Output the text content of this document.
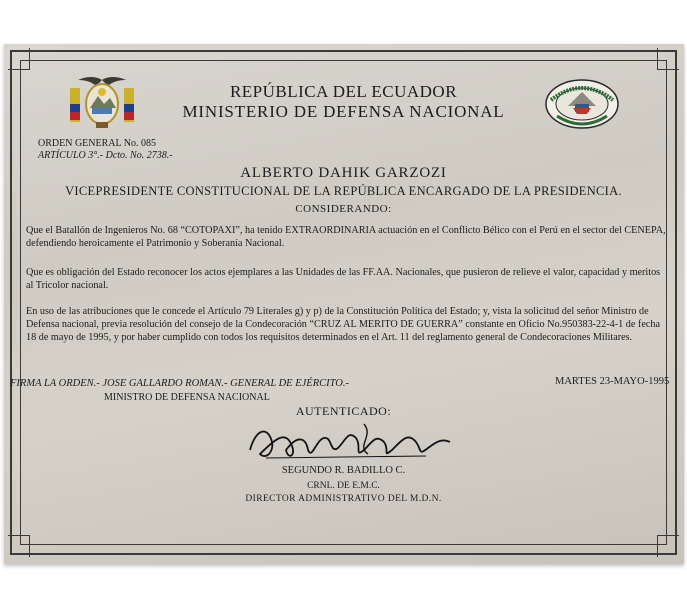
REPÚBLICA DEL ECUADOR
MINISTERIO DE DEFENSA NACIONAL
ORDEN GENERAL No. 085
ARTÍCULO 3°.- Dcto. No. 2738.-
ALBERTO DAHIK GARZOZI
VICEPRESIDENTE CONSTITUCIONAL DE LA REPÚBLICA ENCARGADO DE LA PRESIDENCIA.
CONSIDERANDO:
Que el Batallón de Ingenieros No. 68 “COTOPAXI”, ha tenido EXTRAORDINARIA actuación en el Conflicto Bélico con el Perú en el sector del CENEPA, defendiendo heroicamente el Patrimonio y Soberanía Nacional.
Que es obligación del Estado reconocer los actos ejemplares a las Unidades de las FF.AA. Nacionales, que pusieron de relieve el valor, capacidad y meritos al Tricolor nacional.
En uso de las atribuciones que le concede el Artículo 79 Literales g) y p) de la Constitución Política del Estado; y, vista la solicitud del señor Ministro de Defensa nacional, previa resolución del consejo de la Condecoración “CRUZ AL MERITO DE GUERRA” constante en Oficio No.950383-22-4-1 de fecha 18 de mayo de 1995, y por haber cumplido con todos los requisitos determinados en el Art. 11 del reglamento general de Condecoraciones Militares.
FIRMA LA ORDEN.- JOSE GALLARDO ROMAN.- GENERAL DE EJÉRCITO.-
MINISTRO DE DEFENSA NACIONAL
MARTES 23-MAYO-1995
AUTENTICADO:
SEGUNDO R. BADILLO C.
CRNL. DE E.M.C.
DIRECTOR ADMINISTRATIVO DEL M.D.N.
